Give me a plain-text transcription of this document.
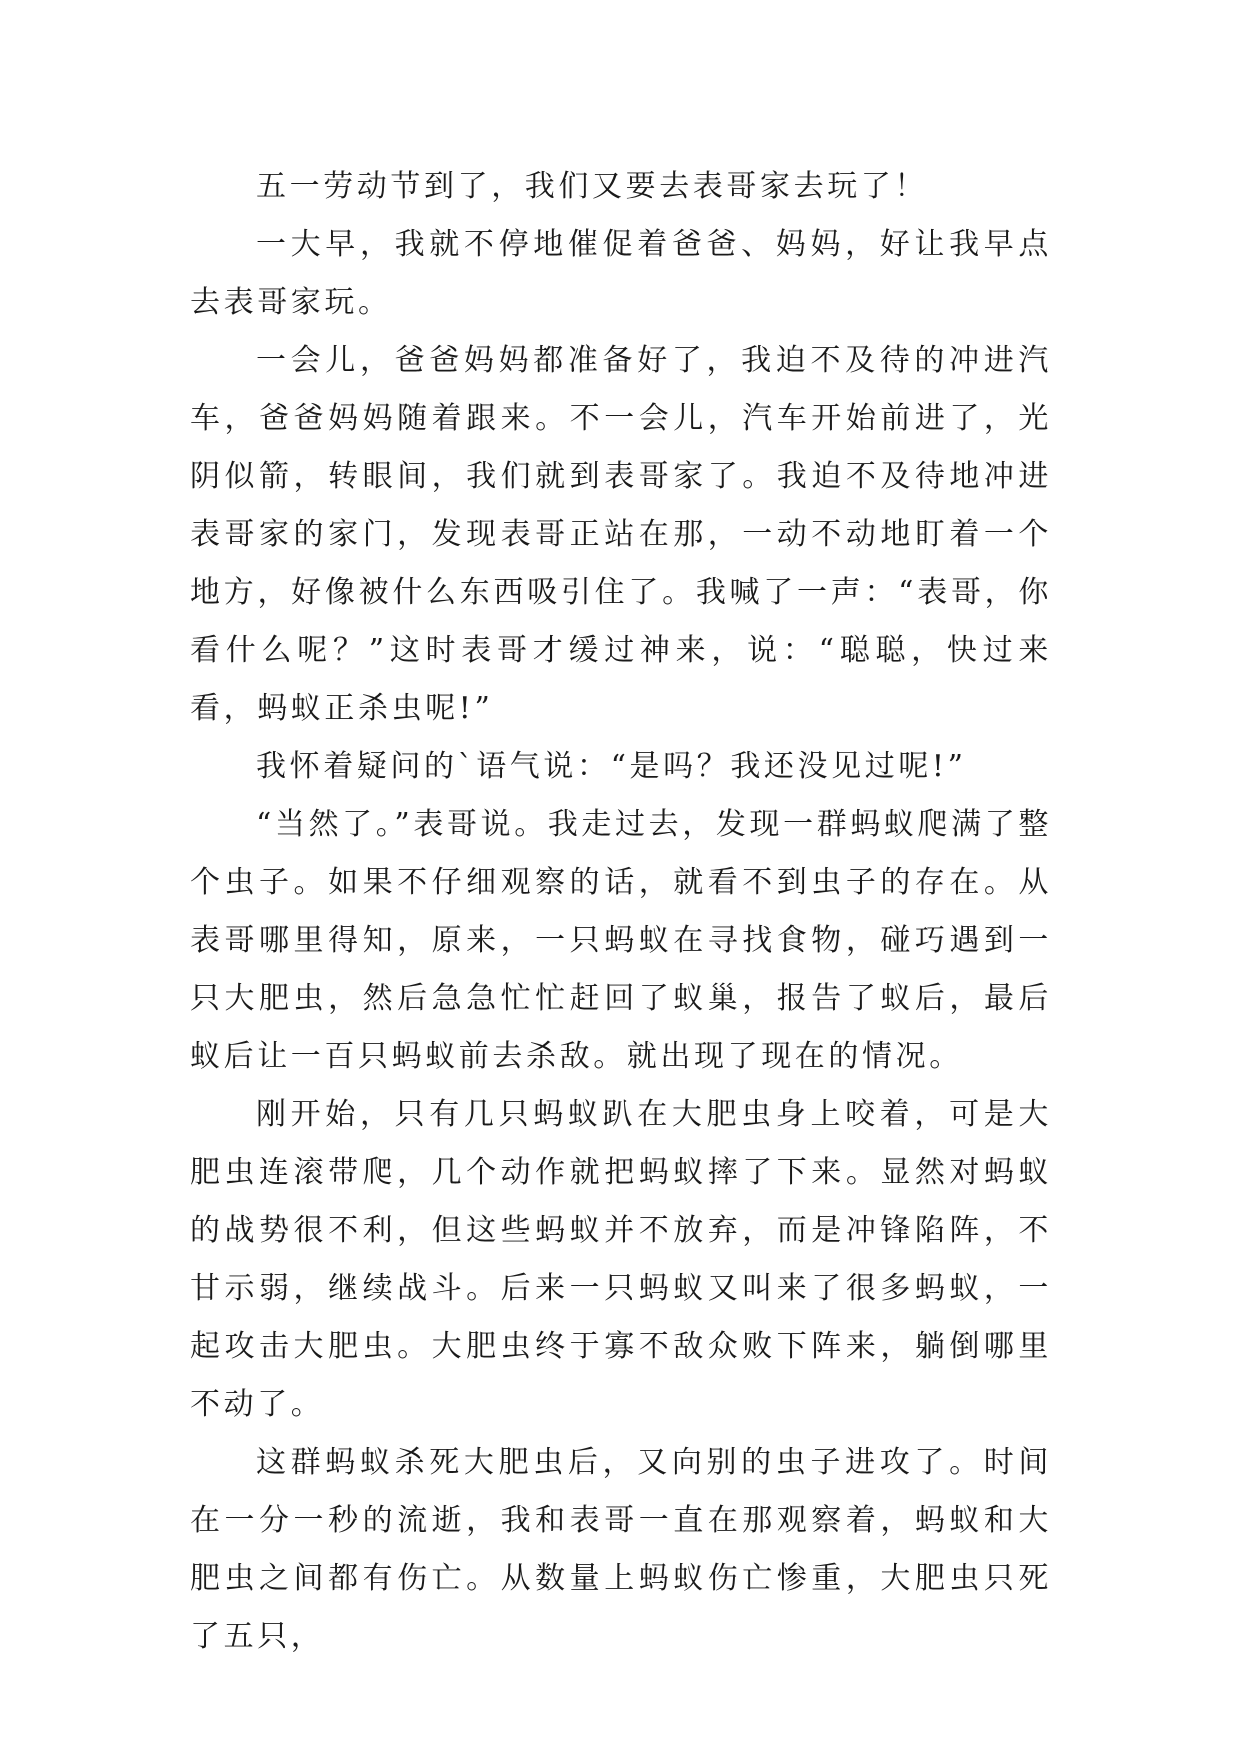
五一劳动节到了，我们又要去表哥家去玩了！

一大早，我就不停地催促着爸爸、妈妈，好让我早点去表哥家玩。

一会儿，爸爸妈妈都准备好了，我迫不及待的冲进汽车，爸爸妈妈随着跟来。不一会儿，汽车开始前进了，光阴似箭，转眼间，我们就到表哥家了。我迫不及待地冲进表哥家的家门，发现表哥正站在那，一动不动地盯着一个地方，好像被什么东西吸引住了。我喊了一声：“表哥，你看什么呢？”这时表哥才缓过神来，说：“聪聪，快过来看，蚂蚁正杀虫呢!”

我怀着疑问的`语气说：“是吗？我还没见过呢!”

“当然了。”表哥说。我走过去，发现一群蚂蚁爬满了整个虫子。如果不仔细观察的话，就看不到虫子的存在。从表哥哪里得知，原来，一只蚂蚁在寻找食物，碰巧遇到一只大肥虫，然后急急忙忙赶回了蚁巢，报告了蚁后，最后蚁后让一百只蚂蚁前去杀敌。就出现了现在的情况。

刚开始，只有几只蚂蚁趴在大肥虫身上咬着，可是大肥虫连滚带爬，几个动作就把蚂蚁摔了下来。显然对蚂蚁的战势很不利，但这些蚂蚁并不放弃，而是冲锋陷阵，不甘示弱，继续战斗。后来一只蚂蚁又叫来了很多蚂蚁，一起攻击大肥虫。大肥虫终于寡不敌众败下阵来，躺倒哪里不动了。

这群蚂蚁杀死大肥虫后，又向别的虫子进攻了。时间在一分一秒的流逝，我和表哥一直在那观察着，蚂蚁和大肥虫之间都有伤亡。从数量上蚂蚁伤亡惨重，大肥虫只死了五只，
